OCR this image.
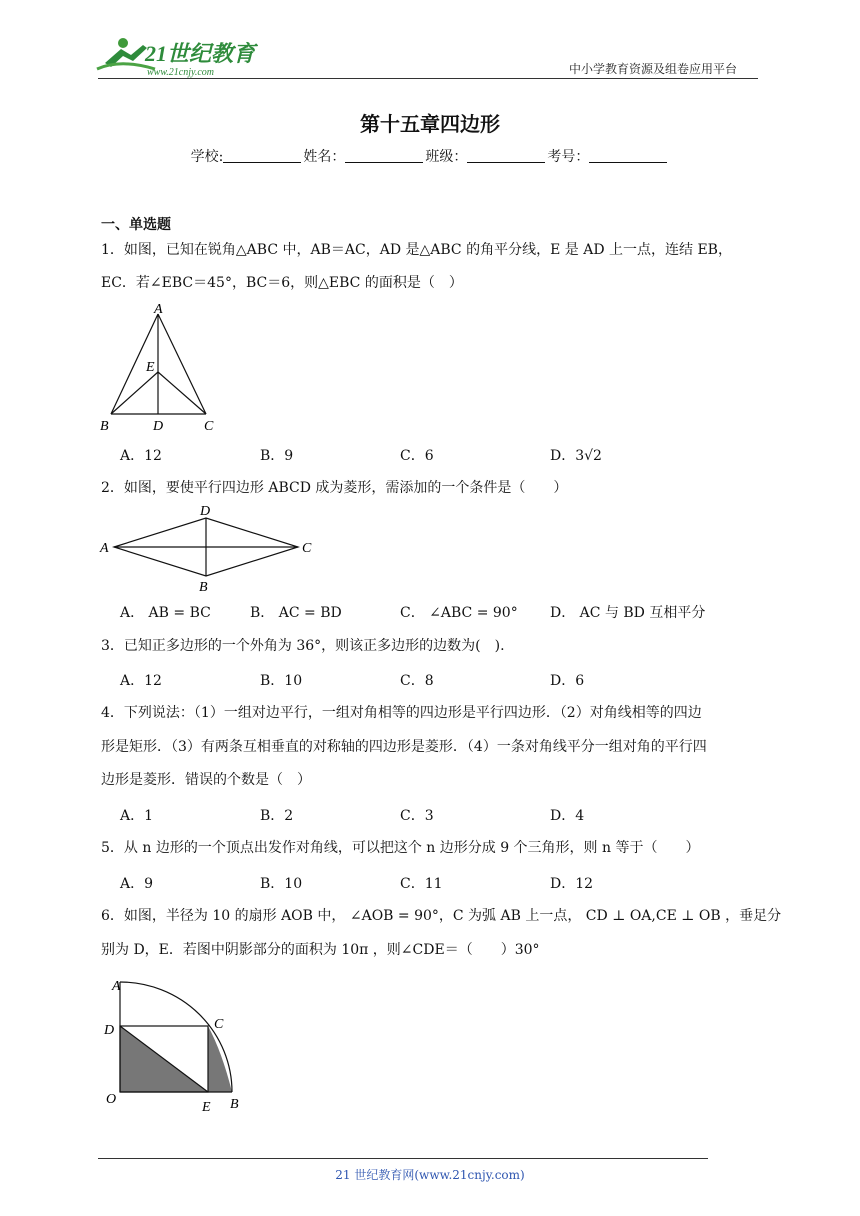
21世纪教育
www.21cnjy.com	中小学教育资源及组卷应用平台
第十五章四边形
学校:	姓名：	班级：	考号：
一、单选题
1．如图，已知在锐角△ABC 中，AB＝AC，AD 是△ABC 的角平分线，E 是 AD 上一点，连结 EB，
EC．若∠EBC＝45°，BC＝6，则△EBC 的面积是（　）
A
E
B	D	C
A．12	B．9	C．6	D．3√2
2．如图，要使平行四边形 ABCD 成为菱形，需添加的一个条件是（　　）
A
B
C
D
A． AB = BC	B． AC = BD	C． ∠ABC = 90° D． AC 与 BD 互相平分
3．已知正多边形的一个外角为 36°，则该正多边形的边数为(　).
A．12	B．10	C．8	D．6
4．下列说法：（1）一组对边平行，一组对角相等的四边形是平行四边形．（2）对角线相等的四边
形是矩形．（3）有两条互相垂直的对称轴的四边形是菱形．（4）一条对角线平分一组对角的平行四
边形是菱形．错误的个数是（　）
A．1	B．2	C．3	D．4
5．从 n 边形的一个顶点出发作对角线，可以把这个 n 边形分成 9 个三角形，则 n 等于（　　）
A．9	B．10	C．11	D．12
6．如图，半径为 10 的扇形 AOB 中， ∠AOB = 90°，C 为弧 AB 上一点， CD ⊥ OA,CE ⊥ OB ，垂足分
别为 D，E．若图中阴影部分的面积为 10π ，则∠CDE＝（　　）30°
A
D	C
O
E B
21 世纪教育网(www.21cnjy.com)
